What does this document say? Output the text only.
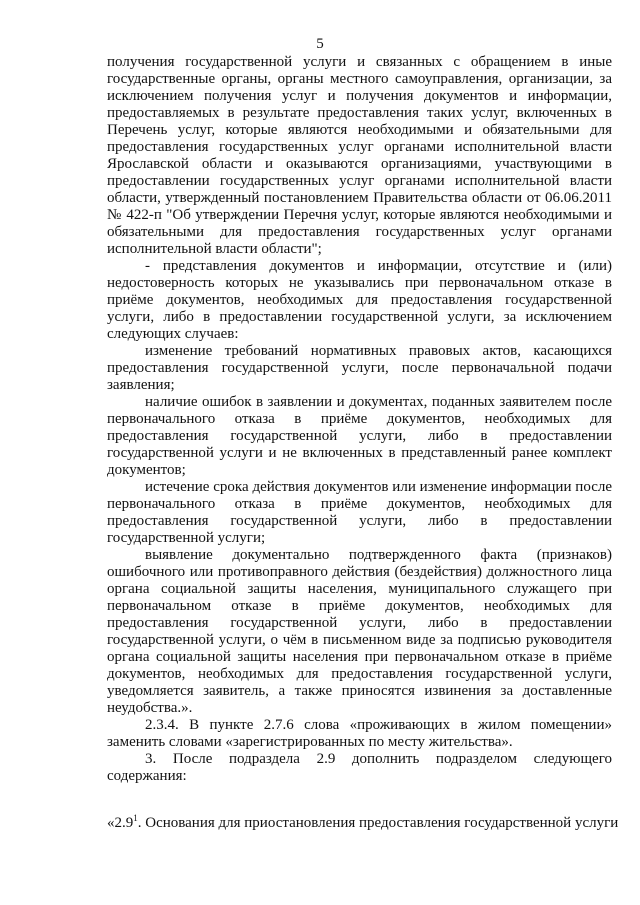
5

получения государственной услуги и связанных с обращением в иные государственные органы, органы местного самоуправления, организации, за исключением получения услуг и получения документов и информации, предоставляемых в результате предоставления таких услуг, включенных в Перечень услуг, которые являются необходимыми и обязательными для предоставления государственных услуг органами исполнительной власти Ярославской области и оказываются организациями, участвующими в предоставлении государственных услуг органами исполнительной власти области, утвержденный постановлением Правительства области от 06.06.2011 № 422-п "Об утверждении Перечня услуг, которые являются необходимыми и обязательными для предоставления государственных услуг органами исполнительной власти области";

- представления документов и информации, отсутствие и (или) недостоверность которых не указывались при первоначальном отказе в приёме документов, необходимых для предоставления государственной услуги, либо в предоставлении государственной услуги, за исключением следующих случаев:

изменение требований нормативных правовых актов, касающихся предоставления государственной услуги, после первоначальной подачи заявления;

наличие ошибок в заявлении и документах, поданных заявителем после первоначального отказа в приёме документов, необходимых для предоставления государственной услуги, либо в предоставлении государственной услуги и не включенных в представленный ранее комплект документов;

истечение срока действия документов или изменение информации после первоначального отказа в приёме документов, необходимых для предоставления государственной услуги, либо в предоставлении государственной услуги;

выявление документально подтвержденного факта (признаков) ошибочного или противоправного действия (бездействия) должностного лица органа социальной защиты населения, муниципального служащего при первоначальном отказе в приёме документов, необходимых для предоставления государственной услуги, либо в предоставлении государственной услуги, о чём в письменном виде за подписью руководителя органа социальной защиты населения при первоначальном отказе в приёме документов, необходимых для предоставления государственной услуги, уведомляется заявитель, а также приносятся извинения за доставленные неудобства.».

2.3.4. В пункте 2.7.6 слова «проживающих в жилом помещении» заменить словами «зарегистрированных по месту жительства».

3. После подраздела 2.9 дополнить подразделом следующего содержания:

«$2.9^1$. Основания для приостановления предоставления государственной услуги
